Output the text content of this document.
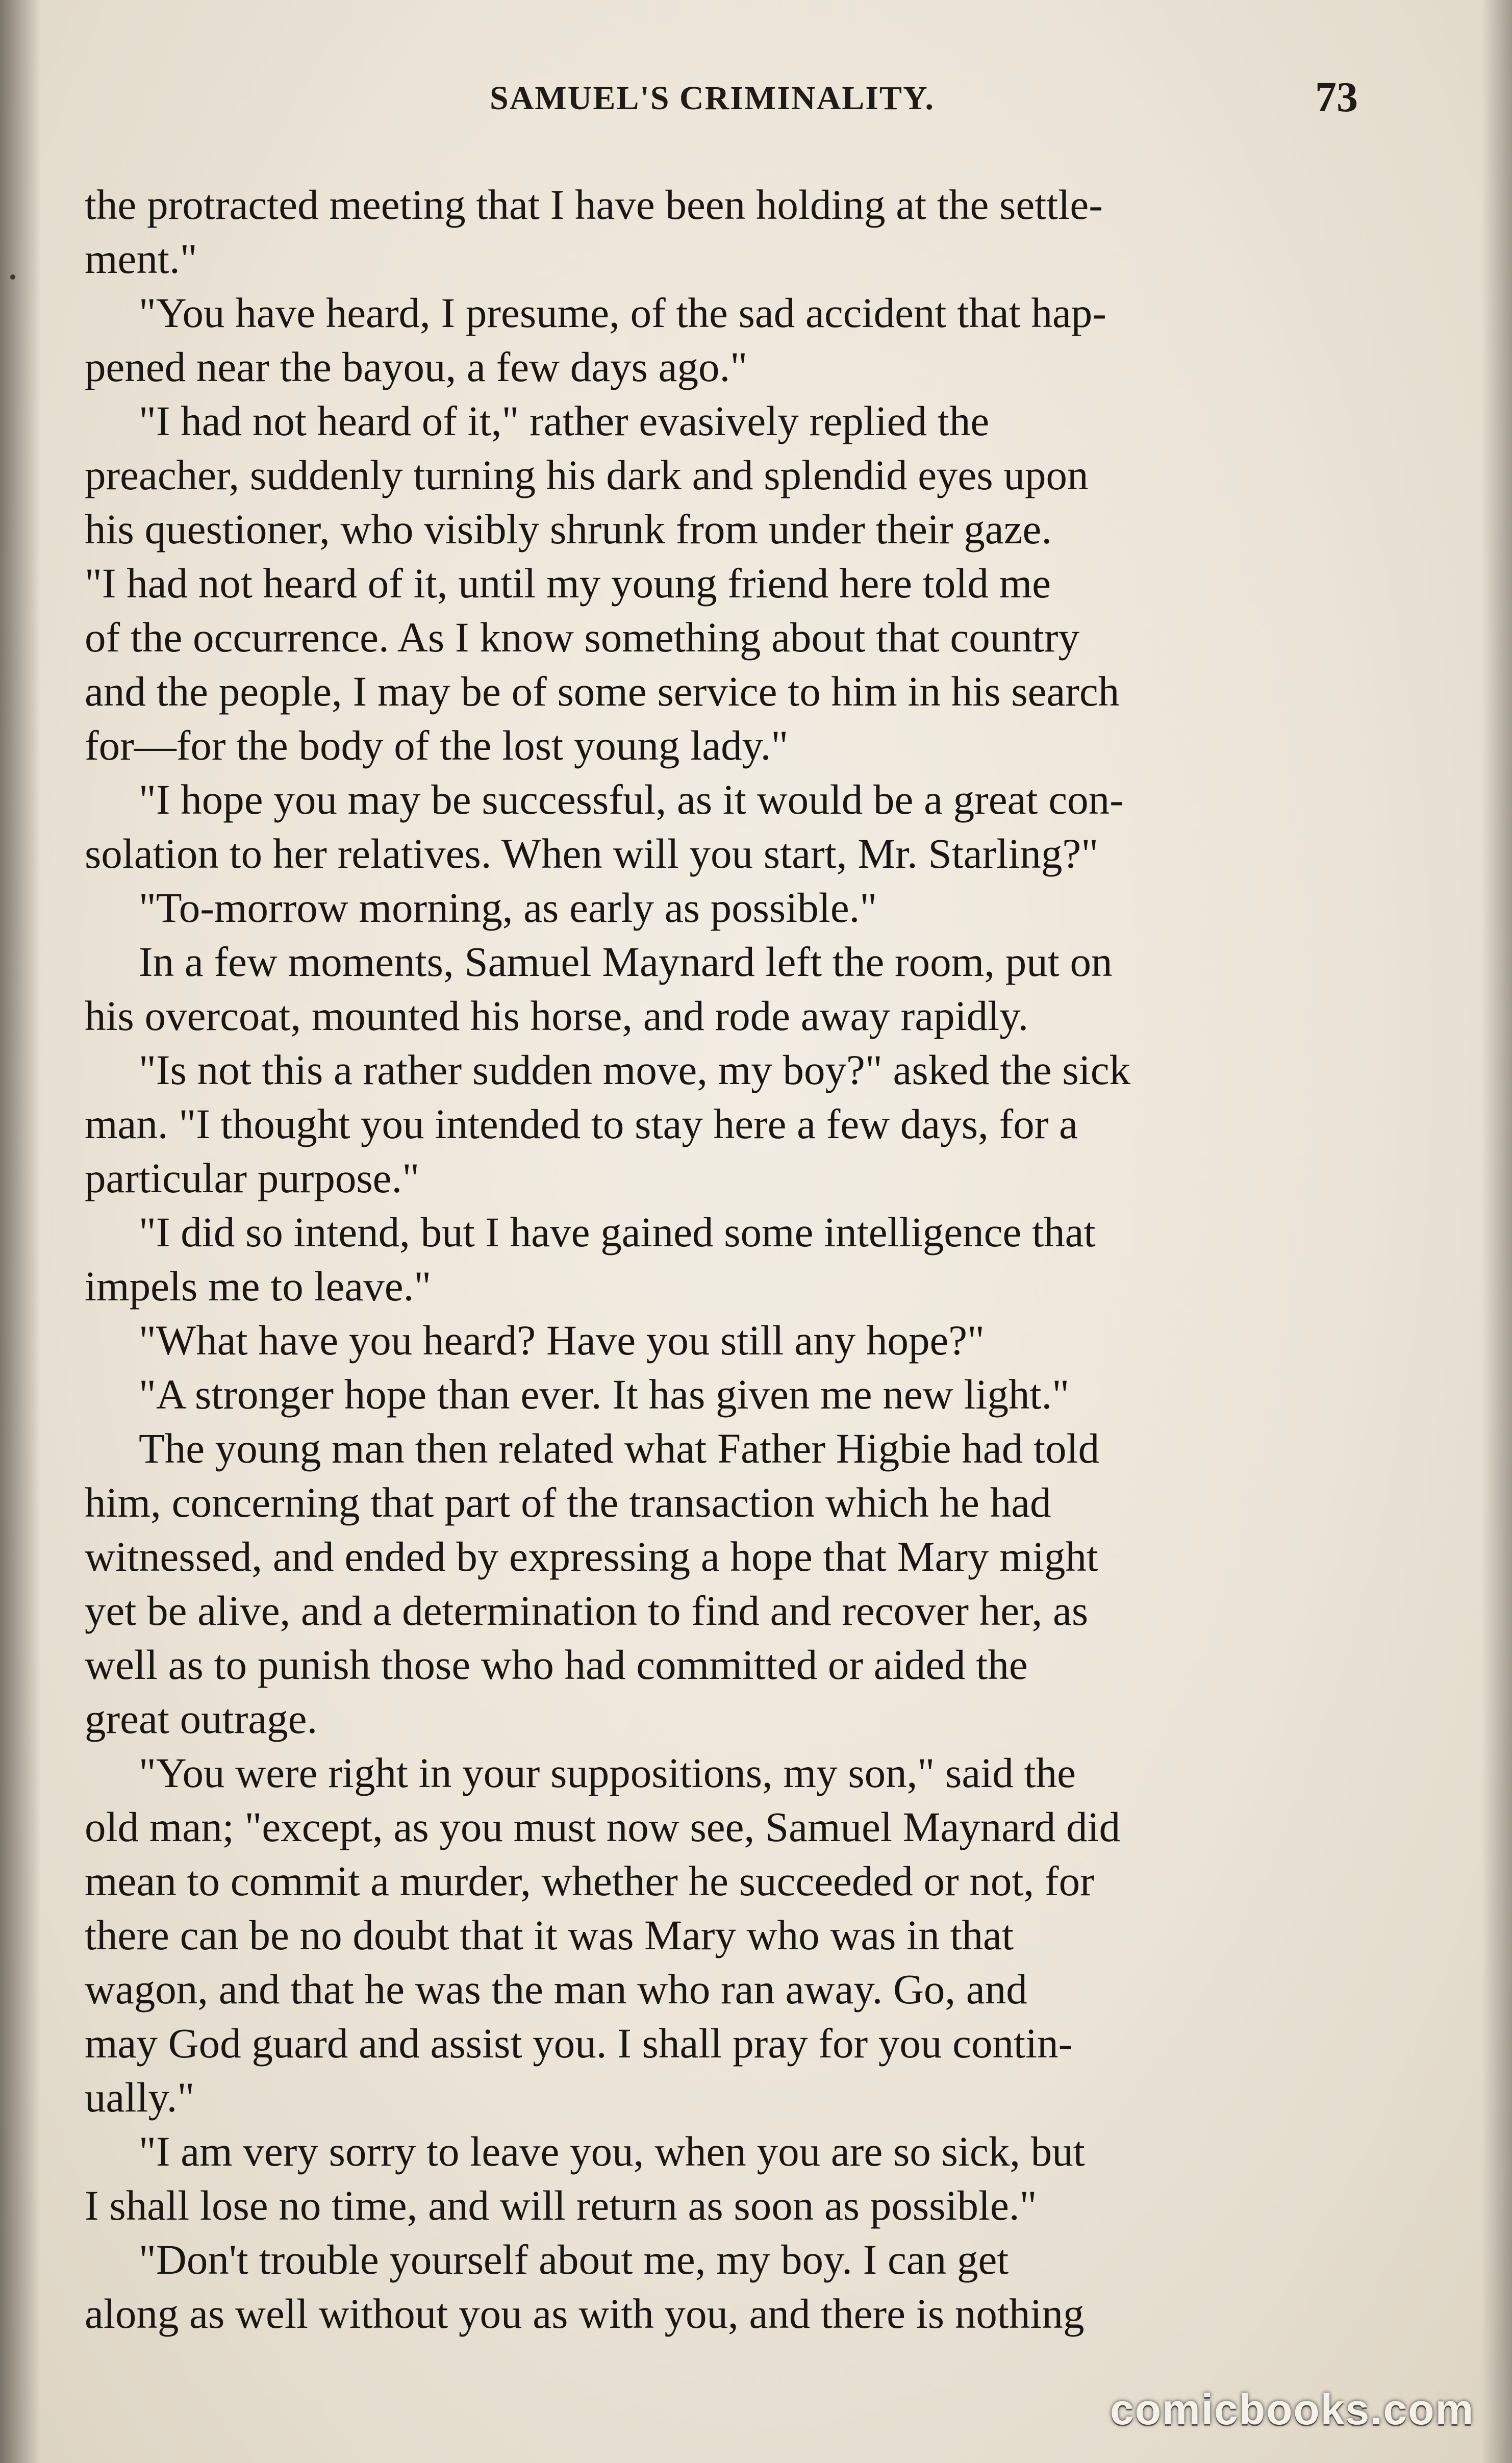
SAMUEL'S CRIMINALITY.	73
the protracted meeting that I have been holding at the settle-
ment."
"You have heard, I presume, of the sad accident that hap-
pened near the bayou, a few days ago."
"I had not heard of it," rather evasively replied the
preacher, suddenly turning his dark and splendid eyes upon
his questioner, who visibly shrunk from under their gaze.
"I had not heard of it, until my young friend here told me
of the occurrence. As I know something about that country
and the people, I may be of some service to him in his search
for—for the body of the lost young lady."
"I hope you may be successful, as it would be a great con-
solation to her relatives. When will you start, Mr. Starling?"
"To-morrow morning, as early as possible."
In a few moments, Samuel Maynard left the room, put on
his overcoat, mounted his horse, and rode away rapidly.
"Is not this a rather sudden move, my boy?" asked the sick
man. "I thought you intended to stay here a few days, for a
particular purpose."
"I did so intend, but I have gained some intelligence that
impels me to leave."
"What have you heard? Have you still any hope?"
"A stronger hope than ever. It has given me new light."
The young man then related what Father Higbie had told
him, concerning that part of the transaction which he had
witnessed, and ended by expressing a hope that Mary might
yet be alive, and a determination to find and recover her, as
well as to punish those who had committed or aided the
great outrage.
"You were right in your suppositions, my son," said the
old man; "except, as you must now see, Samuel Maynard did
mean to commit a murder, whether he succeeded or not, for
there can be no doubt that it was Mary who was in that
wagon, and that he was the man who ran away. Go, and
may God guard and assist you. I shall pray for you contin-
ually."
"I am very sorry to leave you, when you are so sick, but
I shall lose no time, and will return as soon as possible."
"Don't trouble yourself about me, my boy. I can get
along as well without you as with you, and there is nothing
comicbooks.com
